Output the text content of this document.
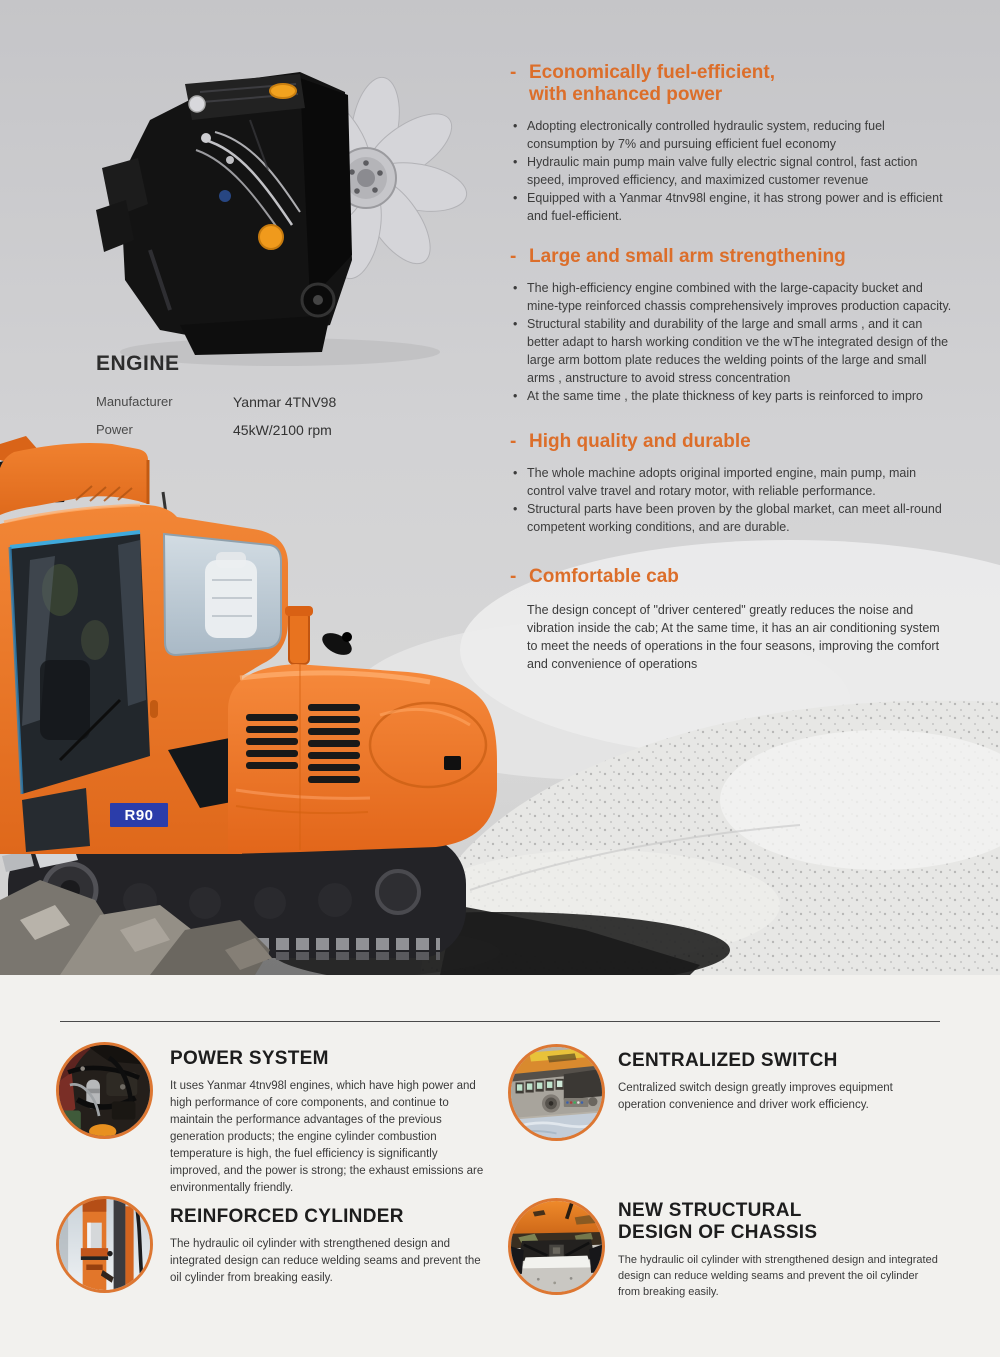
R90
ENGINE
Manufacturer	Yanmar 4TNV98
Power	45kW/2100 rpm
- Economically fuel-efficient,
with enhanced power
• Adopting electronically controlled hydraulic system, reducing fuel consumption by 7% and pursuing efficient fuel economy
• Hydraulic main pump main valve fully electric signal control, fast action speed, improved efficiency, and maximized customer revenue
• Equipped with a Yanmar 4tnv98l engine, it has strong power and is efficient and fuel-efficient.
- Large and small arm strengthening
• The high-efficiency engine combined with the large-capacity bucket and mine-type reinforced chassis comprehensively improves production capacity.
• Structural stability and durability of the large and small arms , and it can better adapt to harsh working condition ve the wThe integrated design of the large arm bottom plate reduces the welding points of the large and small arms , anstructure to avoid stress concentration
• At the same time , the plate thickness of key parts is reinforced to impro
- High quality and durable
• The whole machine adopts original imported engine, main pump, main control valve travel and rotary motor, with reliable performance.
• Structural parts have been proven by the global market, can meet all-round competent working conditions, and are durable.
- Comfortable cab
The design concept of "driver centered" greatly reduces the noise and vibration inside the cab; At the same time, it has an air conditioning system to meet the needs of operations in the four seasons, improving the comfort and convenience of operations
POWER SYSTEM
It uses Yanmar 4tnv98l engines, which have high power and high performance of core components, and continue to maintain the performance advantages of the previous generation products; the engine cylinder combustion temperature is high, the fuel efficiency is significantly improved, and the power is strong; the exhaust emissions are environmentally friendly.
CENTRALIZED SWITCH
Centralized switch design greatly improves equipment operation convenience and driver work efficiency.
REINFORCED CYLINDER
The hydraulic oil cylinder with strengthened design and integrated design can reduce welding seams and prevent the oil cylinder from breaking easily.
NEW STRUCTURAL
DESIGN OF CHASSIS
The hydraulic oil cylinder with strengthened design and integrated design can reduce welding seams and prevent the oil cylinder from breaking easily.
